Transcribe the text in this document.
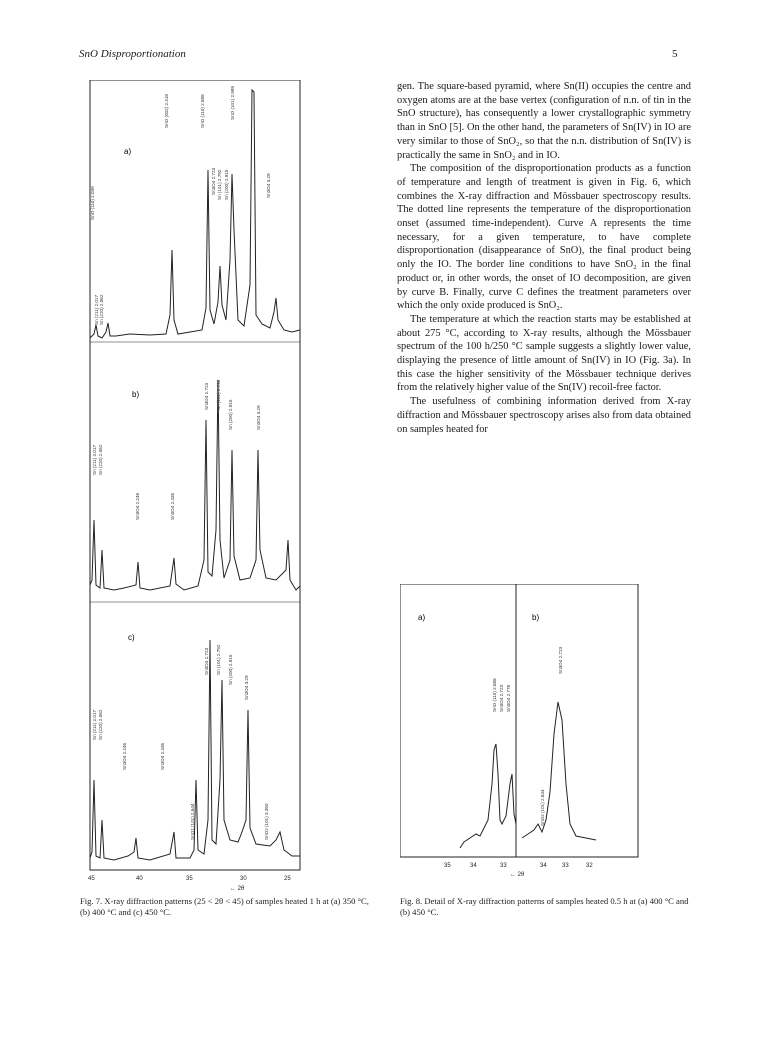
SnO Disproportionation	5
a)
Sn (211) 2.017 Sn (220) 2.062
SnO (110) 2.039
SnO (002) 2.418	SnO (110) 2.688
Sn3O4 2.723 Sn (101) 2.792 Sn (200) 2.915
SnO (101) 2.989
Sn3O4 3.29
b)
Sn (211) 2.017 Sn (220) 2.062
Sn3O4 2.246	Sn3O4 2.435
Sn3O4 2.723 Sn (101) 2.792
Sn (200) 2.915	Sn3O4 3.29
c)
Sn (211) 2.017 Sn (220) 2.062
Sn3O4 2.246	Sn3O4 2.435
SnO2 (101) 2.644
Sn3O4 2.723 Sn (101) 2.792 Sn (200) 2.915
Sn3O4 3.29
SnO2 (101) 3.350
45	40	35	30	25
← 2θ
Fig. 7. X-ray diffraction patterns (25 < 2θ < 45) of samples heated 1 h at (a) 350 °C, (b) 400 °C and (c) 450 °C.

gen. The square-based pyramid, where Sn(II) occupies the centre and oxygen atoms are at the base vertex (configuration of n.n. of tin in the SnO structure), has consequently a lower crystallographic symmetry than in SnO [5]. On the other hand, the parameters of Sn(IV) in IO are very similar to those of SnO₂, so that the n.n. distribution of Sn(IV) is practically the same in SnO₂ and in IO.

The composition of the disproportionation products as a function of temperature and length of treatment is given in Fig. 6, which combines the X-ray diffraction and Mössbauer spectroscopy results. The dotted line represents the temperature of the disproportionation onset (assumed time-independent). Curve A represents the time necessary, for a given temperature, to have complete disproportionation (disappearance of SnO), the final product being only the IO. The border line conditions to have SnO₂ in the final product or, in other words, the onset of IO decomposition, are given by curve B. Finally, curve C defines the treatment parameters over which the only oxide produced is SnO₂.

The temperature at which the reaction starts may be established at about 275 °C, according to X-ray results, although the Mössbauer spectrum of the 100 h/250 °C sample suggests a slightly lower value, displaying the presence of little amount of Sn(IV) in IO (Fig. 3a). In this case the higher sensitivity of the Mössbauer technique derives from the relatively higher value of the Sn(IV) recoil-free factor.

The usefulness of combining information derived from X-ray diffraction and Mössbauer spectroscopy arises also from data obtained on samples heated for

a)	b)
SnO (110) 2.688 Sn3O4 2.723 Sn3O4 2.778
Sn3O4 2.723
SnO2 (101) 2.644
35	34	33	34	33	32
← 2θ
Fig. 8. Detail of X-ray diffraction patterns of samples heated 0.5 h at (a) 400 °C and (b) 450 °C.
